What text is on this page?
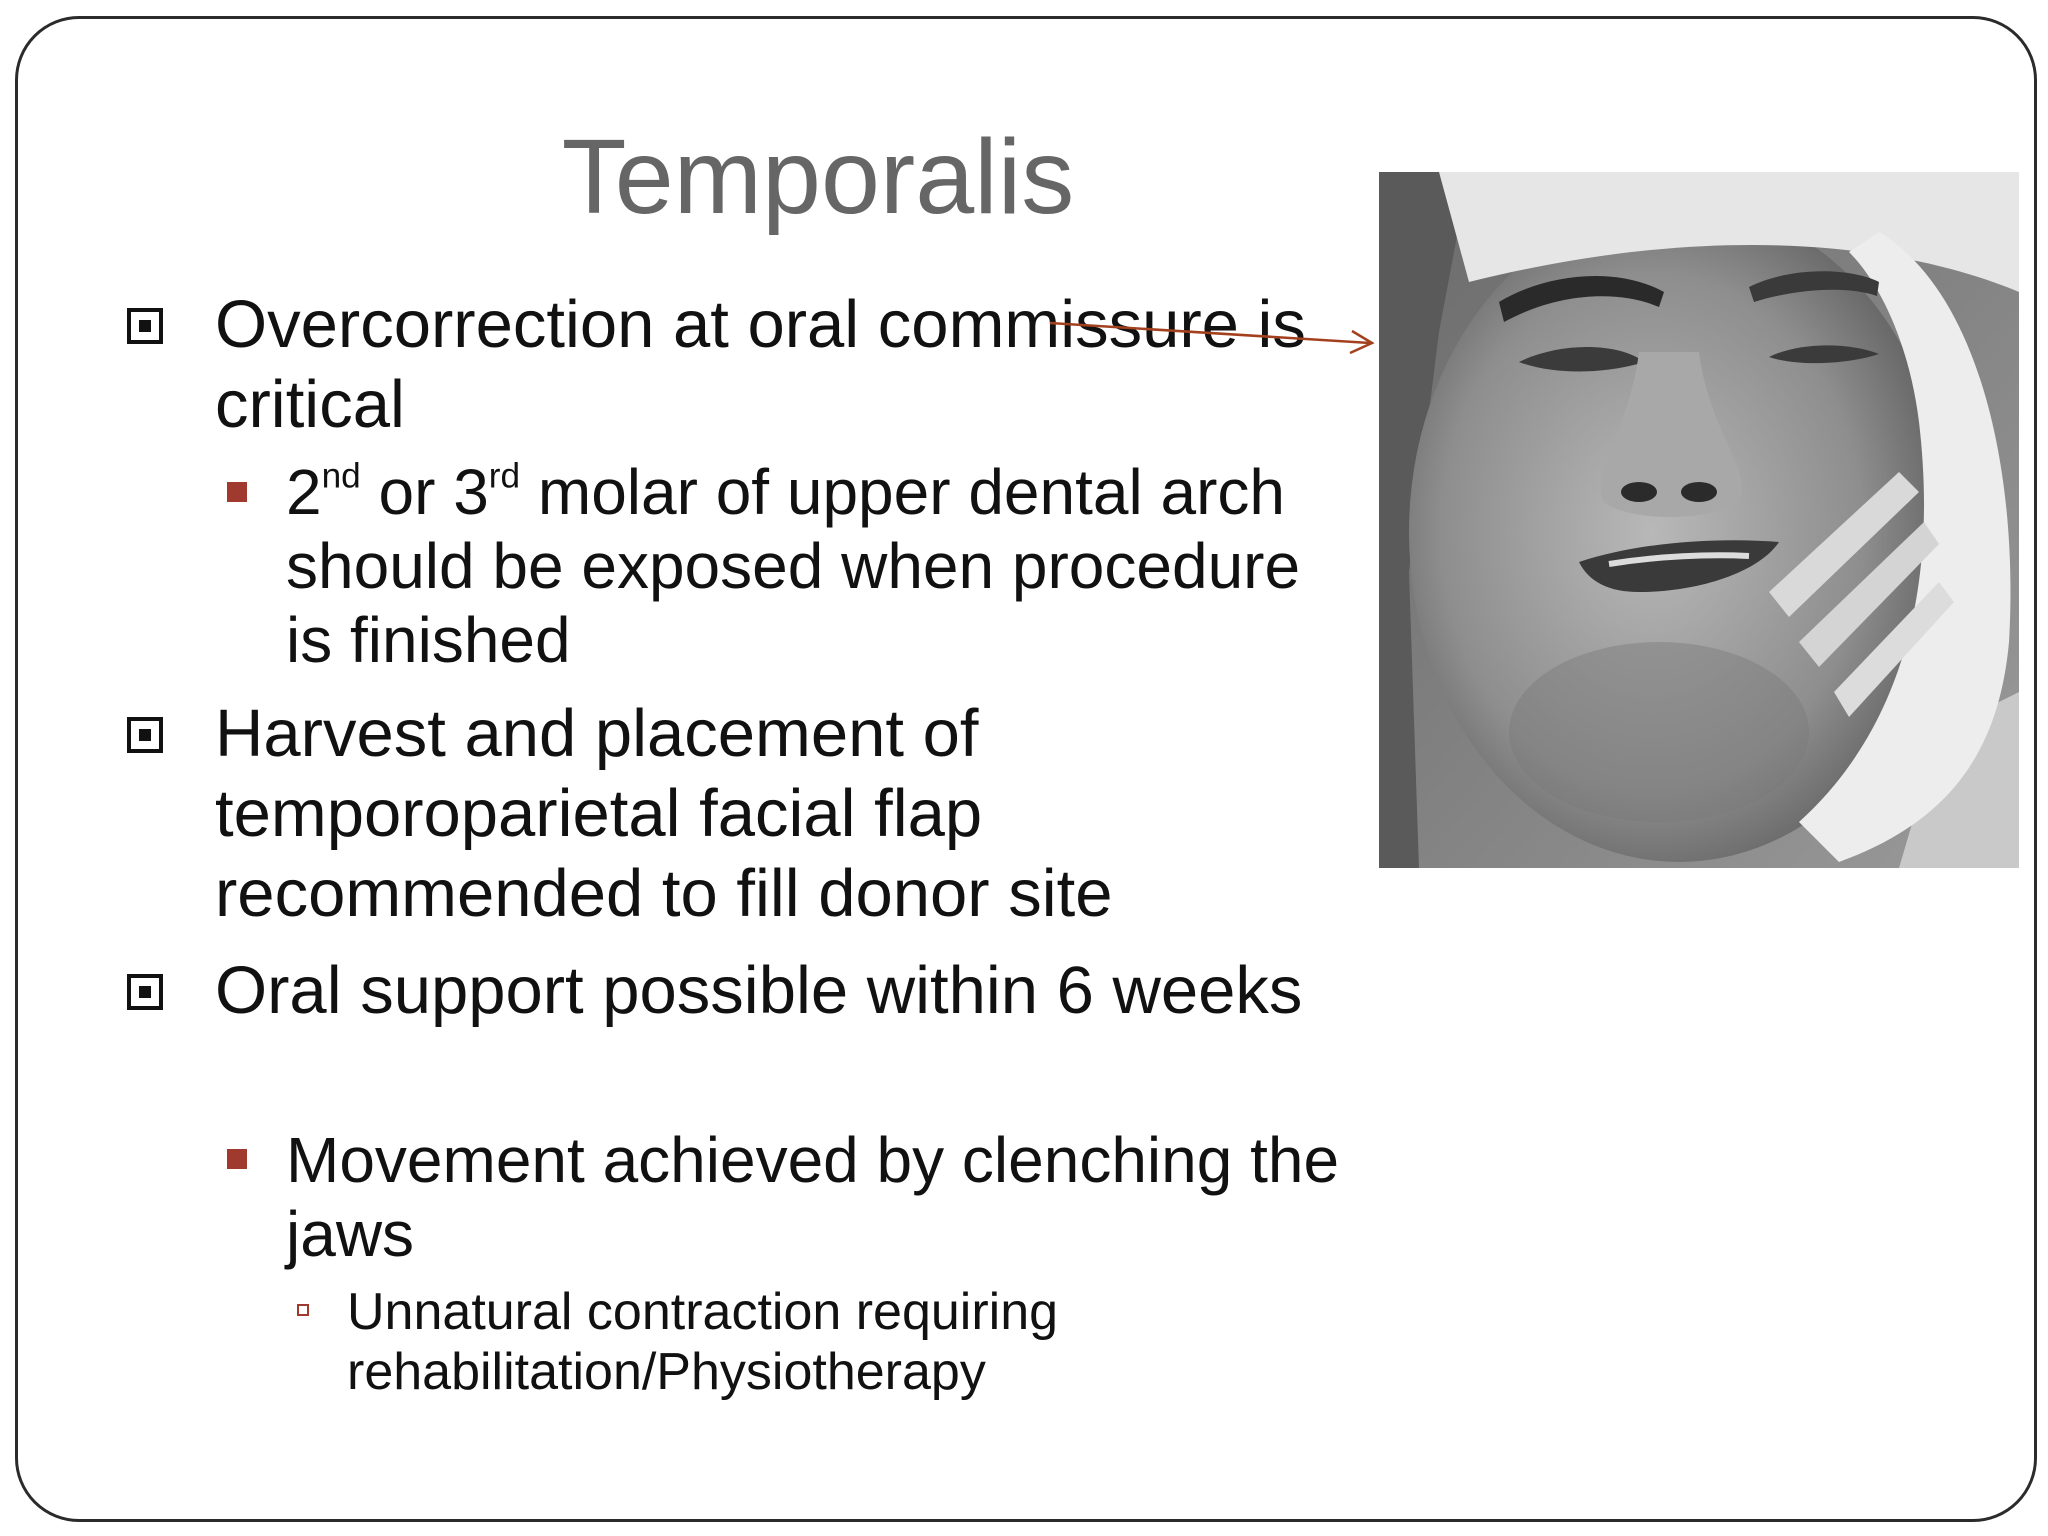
Temporalis
Overcorrection at oral commissure is critical
2nd or 3rd molar of upper dental arch should be exposed when procedure is finished
Harvest and placement of temporoparietal facial flap recommended to fill donor site
Oral support possible within 6 weeks
Movement achieved by clenching the jaws
Unnatural contraction requiring rehabilitation/Physiotherapy
